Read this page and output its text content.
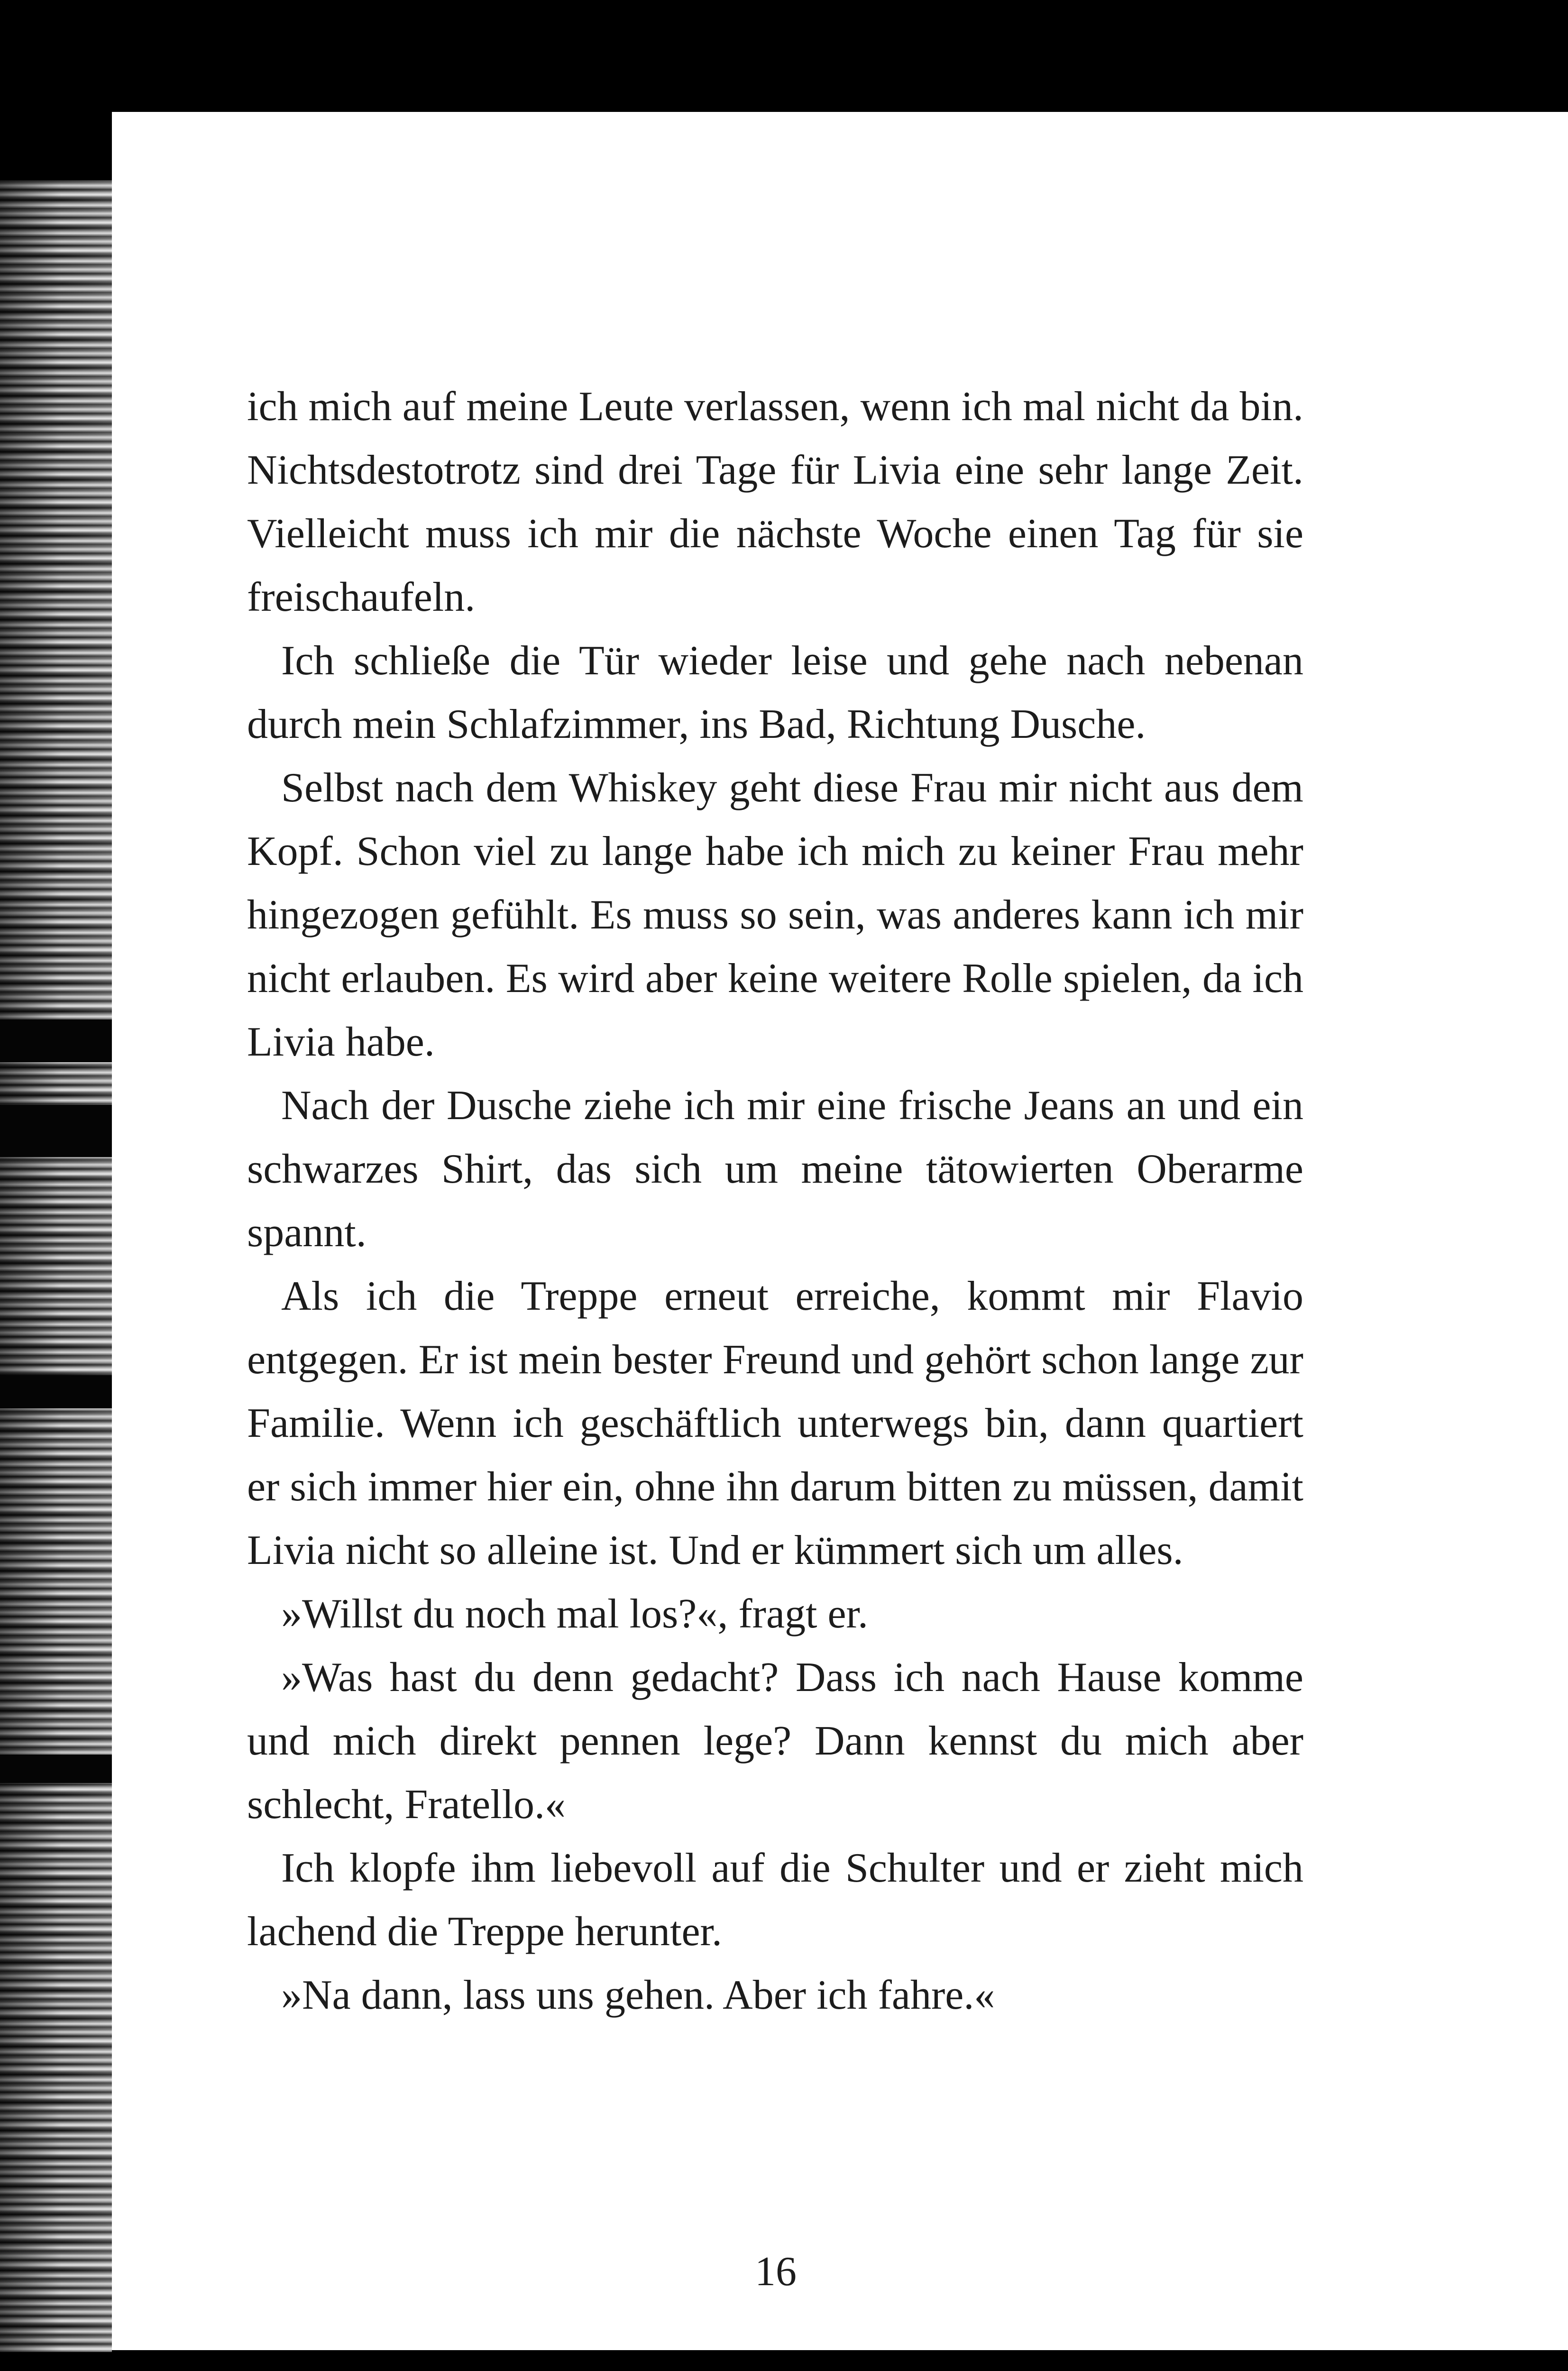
ich mich auf meine Leute verlassen, wenn ich mal nicht da bin. Nichtsdestotrotz sind drei Tage für Livia eine sehr lange Zeit. Vielleicht muss ich mir die nächste Woche einen Tag für sie freischaufeln.

Ich schließe die Tür wieder leise und gehe nach nebenan durch mein Schlafzimmer, ins Bad, Richtung Dusche.

Selbst nach dem Whiskey geht diese Frau mir nicht aus dem Kopf. Schon viel zu lange habe ich mich zu keiner Frau mehr hingezogen gefühlt. Es muss so sein, was anderes kann ich mir nicht erlauben. Es wird aber keine weitere Rolle spielen, da ich Livia habe.

Nach der Dusche ziehe ich mir eine frische Jeans an und ein schwarzes Shirt, das sich um meine tätowierten Oberarme spannt.

Als ich die Treppe erneut erreiche, kommt mir Flavio entgegen. Er ist mein bester Freund und gehört schon lange zur Familie. Wenn ich geschäftlich unterwegs bin, dann quartiert er sich immer hier ein, ohne ihn darum bitten zu müssen, damit Livia nicht so alleine ist. Und er kümmert sich um alles.

»Willst du noch mal los?«, fragt er.

»Was hast du denn gedacht? Dass ich nach Hause komme und mich direkt pennen lege? Dann kennst du mich aber schlecht, Fratello.«

Ich klopfe ihm liebevoll auf die Schulter und er zieht mich lachend die Treppe herunter.

»Na dann, lass uns gehen. Aber ich fahre.«

16
